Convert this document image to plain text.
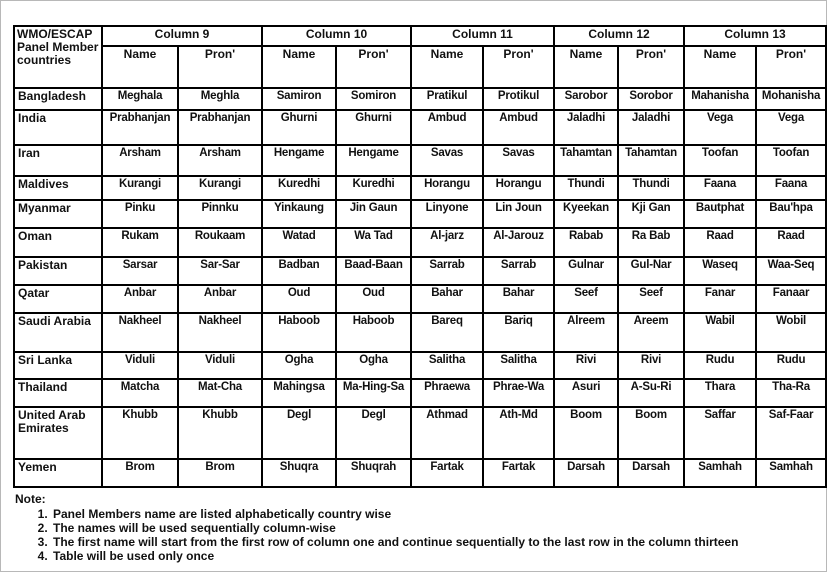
WMO/ESCAP Panel Member countries	Column 9		Column 10		Column 11		Column 12		Column 13	
	Name	Pron'	Name	Pron'	Name	Pron'	Name	Pron'	Name	Pron'
Bangladesh	Meghala	Meghla	Samiron	Somiron	Pratikul	Protikul	Sarobor	Sorobor	Mahanisha	Mohanisha
India	Prabhanjan	Prabhanjan	Ghurni	Ghurni	Ambud	Ambud	Jaladhi	Jaladhi	Vega	Vega
Iran	Arsham	Arsham	Hengame	Hengame	Savas	Savas	Tahamtan	Tahamtan	Toofan	Toofan
Maldives	Kurangi	Kurangi	Kuredhi	Kuredhi	Horangu	Horangu	Thundi	Thundi	Faana	Faana
Myanmar	Pinku	Pinnku	Yinkaung	Jin Gaun	Linyone	Lin Joun	Kyeekan	Kji Gan	Bautphat	Bau'hpa
Oman	Rukam	Roukaam	Watad	Wa Tad	Al-jarz	Al-Jarouz	Rabab	Ra Bab	Raad	Raad
Pakistan	Sarsar	Sar-Sar	Badban	Baad-Baan	Sarrab	Sarrab	Gulnar	Gul-Nar	Waseq	Waa-Seq
Qatar	Anbar	Anbar	Oud	Oud	Bahar	Bahar	Seef	Seef	Fanar	Fanaar
Saudi Arabia	Nakheel	Nakheel	Haboob	Haboob	Bareq	Bariq	Alreem	Areem	Wabil	Wobil
Sri Lanka	Viduli	Viduli	Ogha	Ogha	Salitha	Salitha	Rivi	Rivi	Rudu	Rudu
Thailand	Matcha	Mat-Cha	Mahingsa	Ma-Hing-Sa	Phraewa	Phrae-Wa	Asuri	A-Su-Ri	Thara	Tha-Ra
United Arab Emirates	Khubb	Khubb	Degl	Degl	Athmad	Ath-Md	Boom	Boom	Saffar	Saf-Faar
Yemen	Brom	Brom	Shuqra	Shuqrah	Fartak	Fartak	Darsah	Darsah	Samhah	Samhah
Note:
1. Panel Members name are listed alphabetically country wise
2. The names will be used sequentially column-wise
3. The first name will start from the first row of column one and continue sequentially to the last row in the column thirteen
4. Table will be used only once
